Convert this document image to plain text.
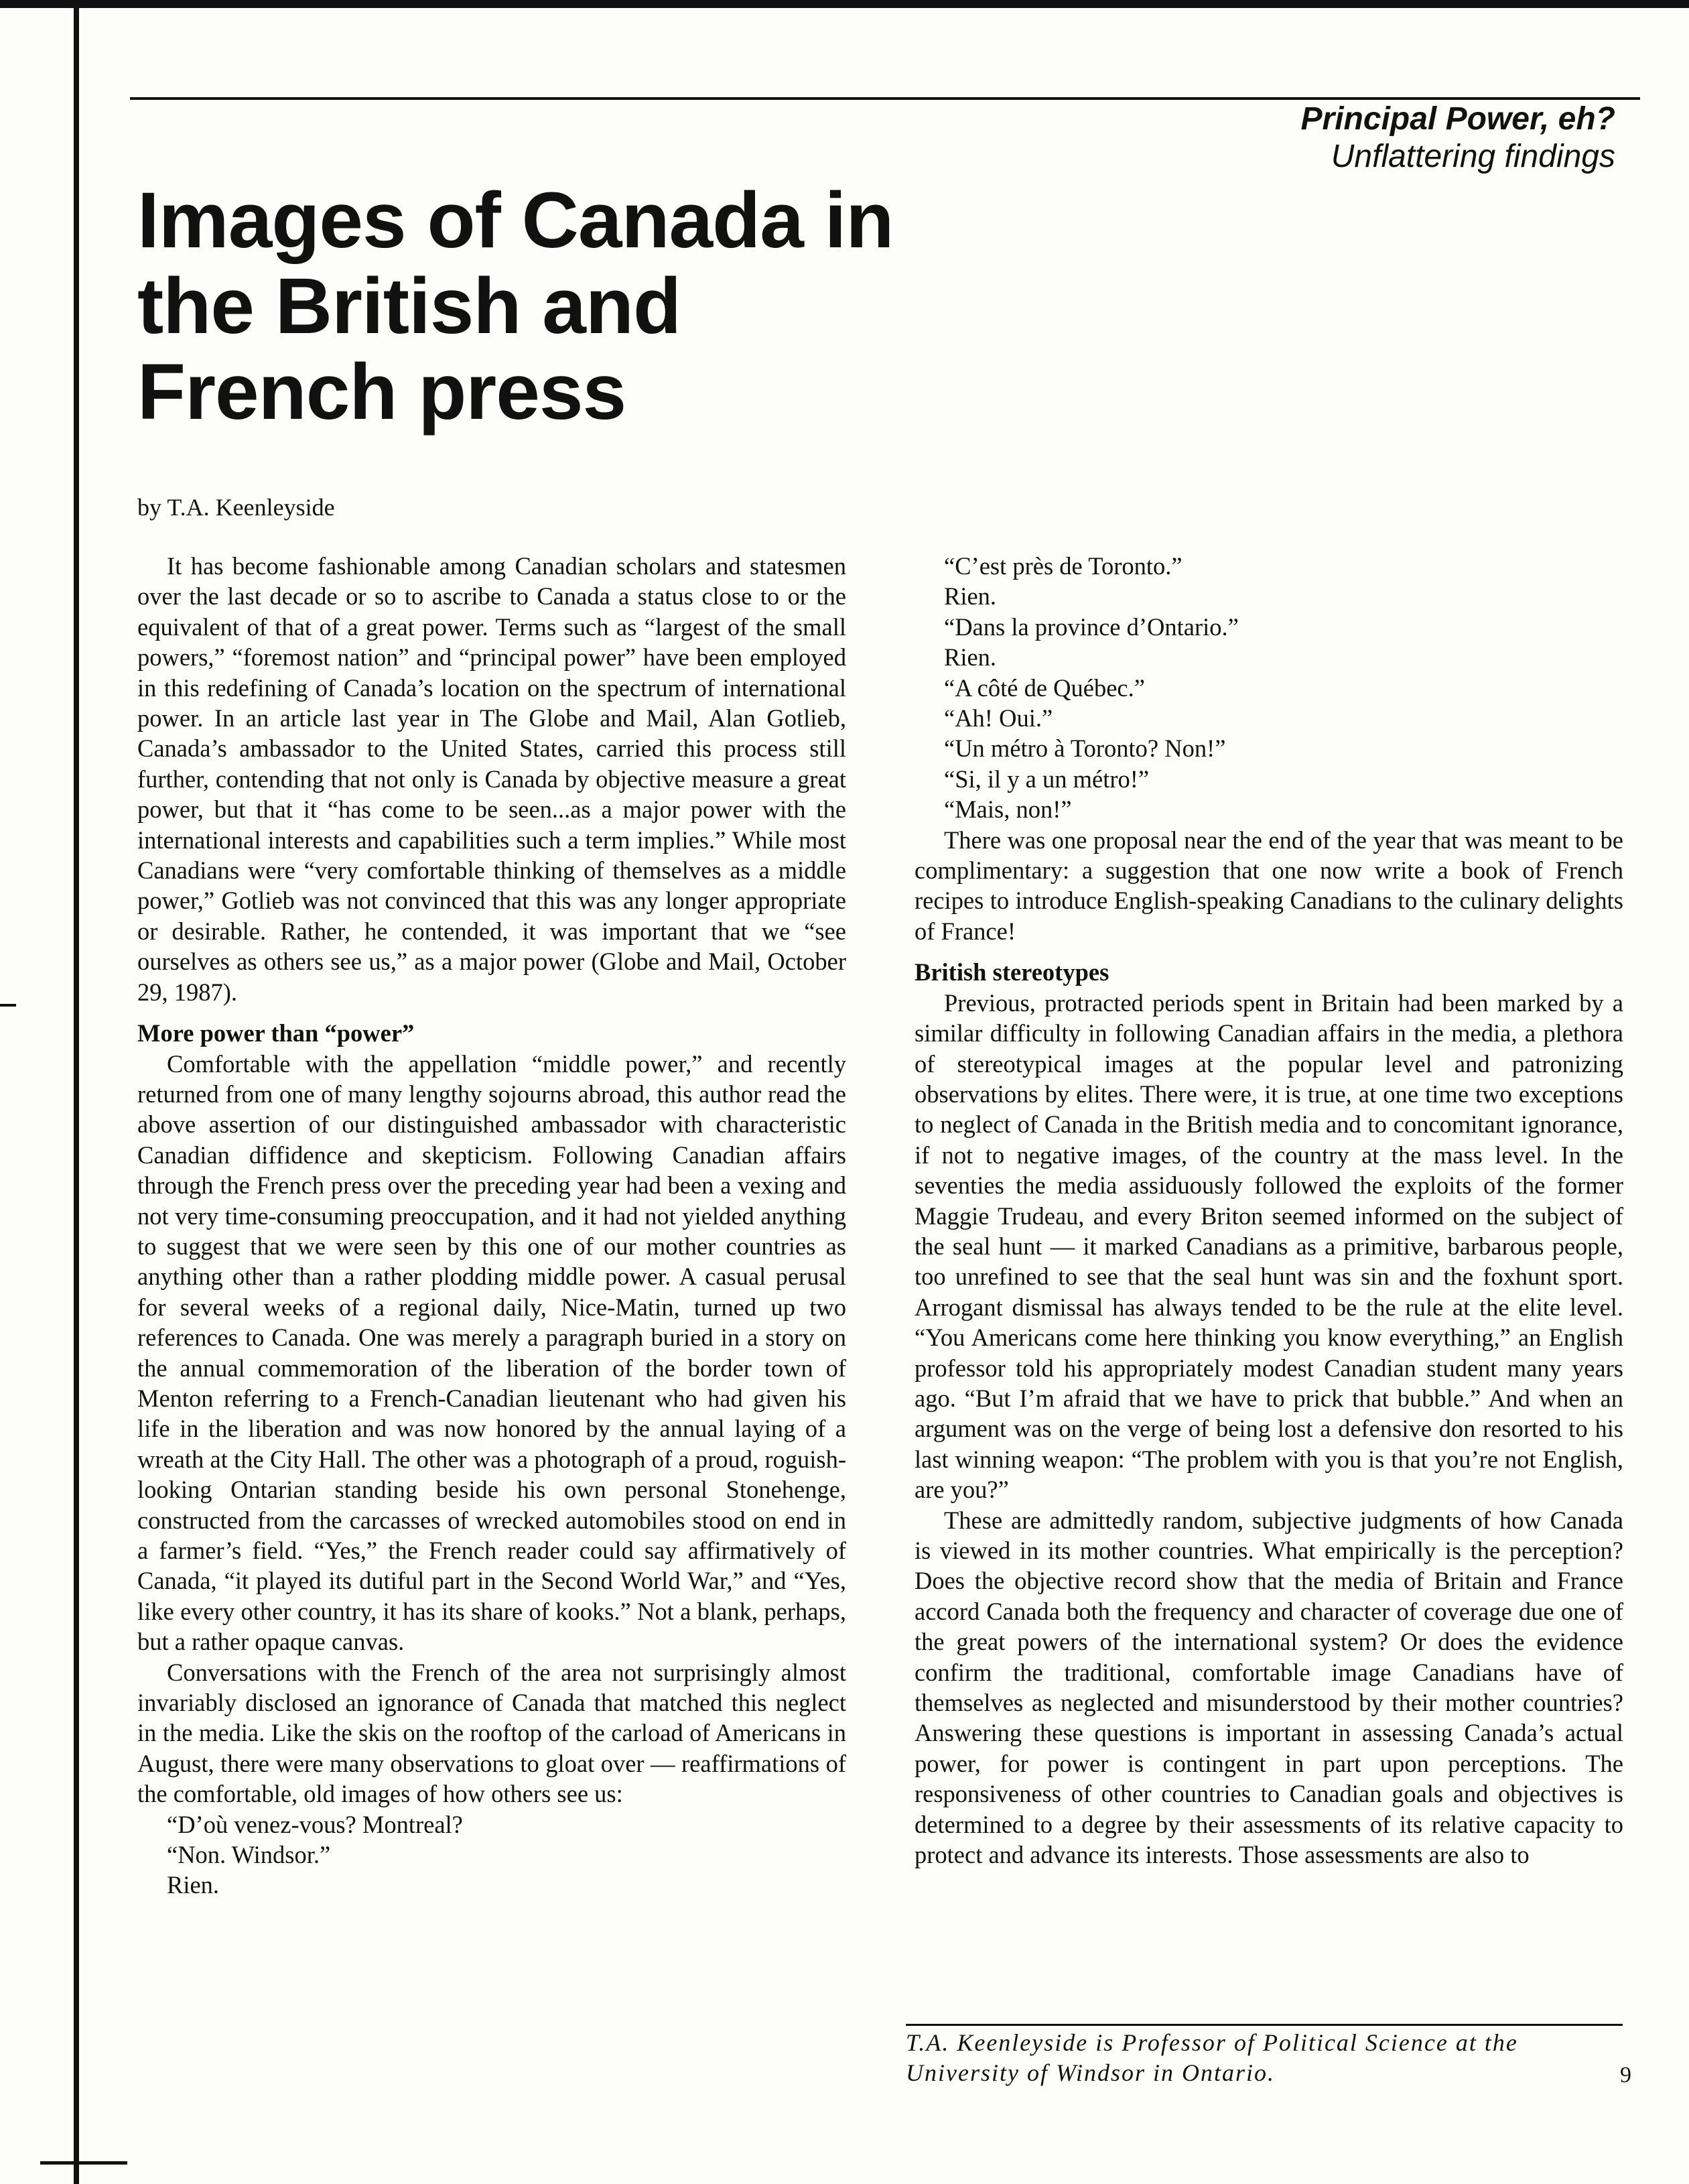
Principal Power, eh?
Unflattering findings
Images of Canada in the British and French press
by T.A. Keenleyside

It has become fashionable among Canadian scholars and statesmen over the last decade or so to ascribe to Canada a status close to or the equivalent of that of a great power. Terms such as “largest of the small powers,” “foremost nation” and “principal power” have been employed in this redefining of Canada’s location on the spectrum of international power. In an article last year in The Globe and Mail, Alan Gotlieb, Canada’s ambassador to the United States, carried this process still further, contending that not only is Canada by objective measure a great power, but that it “has come to be seen...as a major power with the international interests and capabilities such a term implies.” While most Canadians were “very comfortable thinking of themselves as a middle power,” Gotlieb was not convinced that this was any longer appropriate or desirable. Rather, he contended, it was important that we “see ourselves as others see us,” as a major power (Globe and Mail, October 29, 1987).

More power than “power”

Comfortable with the appellation “middle power,” and recently returned from one of many lengthy sojourns abroad, this author read the above assertion of our distinguished ambassador with characteristic Canadian diffidence and skepticism. Following Canadian affairs through the French press over the preceding year had been a vexing and not very time-consuming preoccupation, and it had not yielded anything to suggest that we were seen by this one of our mother countries as anything other than a rather plodding middle power. A casual perusal for several weeks of a regional daily, Nice-Matin, turned up two references to Canada. One was merely a paragraph buried in a story on the annual commemoration of the liberation of the border town of Menton referring to a French-Canadian lieutenant who had given his life in the liberation and was now honored by the annual laying of a wreath at the City Hall. The other was a photograph of a proud, roguish-looking Ontarian standing beside his own personal Stonehenge, constructed from the carcasses of wrecked automobiles stood on end in a farmer’s field. “Yes,” the French reader could say affirmatively of Canada, “it played its dutiful part in the Second World War,” and “Yes, like every other country, it has its share of kooks.” Not a blank, perhaps, but a rather opaque canvas.

Conversations with the French of the area not surprisingly almost invariably disclosed an ignorance of Canada that matched this neglect in the media. Like the skis on the rooftop of the carload of Americans in August, there were many observations to gloat over — reaffirmations of the comfortable, old images of how others see us:

“D’où venez-vous? Montreal?
“Non. Windsor.”
Rien.
“C’est près de Toronto.”
Rien.
“Dans la province d’Ontario.”
Rien.
“A côté de Québec.”
“Ah! Oui.”
“Un métro à Toronto? Non!”
“Si, il y a un métro!”
“Mais, non!”

There was one proposal near the end of the year that was meant to be complimentary: a suggestion that one now write a book of French recipes to introduce English-speaking Canadians to the culinary delights of France!

British stereotypes

Previous, protracted periods spent in Britain had been marked by a similar difficulty in following Canadian affairs in the media, a plethora of stereotypical images at the popular level and patronizing observations by elites. There were, it is true, at one time two exceptions to neglect of Canada in the British media and to concomitant ignorance, if not to negative images, of the country at the mass level. In the seventies the media assiduously followed the exploits of the former Maggie Trudeau, and every Briton seemed informed on the subject of the seal hunt — it marked Canadians as a primitive, barbarous people, too unrefined to see that the seal hunt was sin and the foxhunt sport. Arrogant dismissal has always tended to be the rule at the elite level. “You Americans come here thinking you know everything,” an English professor told his appropriately modest Canadian student many years ago. “But I’m afraid that we have to prick that bubble.” And when an argument was on the verge of being lost a defensive don resorted to his last winning weapon: “The problem with you is that you’re not English, are you?”

These are admittedly random, subjective judgments of how Canada is viewed in its mother countries. What empirically is the perception? Does the objective record show that the media of Britain and France accord Canada both the frequency and character of coverage due one of the great powers of the international system? Or does the evidence confirm the traditional, comfortable image Canadians have of themselves as neglected and misunderstood by their mother countries? Answering these questions is important in assessing Canada’s actual power, for power is contingent in part upon perceptions. The responsiveness of other countries to Canadian goals and objectives is determined to a degree by their assessments of its relative capacity to protect and advance its interests. Those assessments are also to

T.A. Keenleyside is Professor of Political Science at the University of Windsor in Ontario.	9
